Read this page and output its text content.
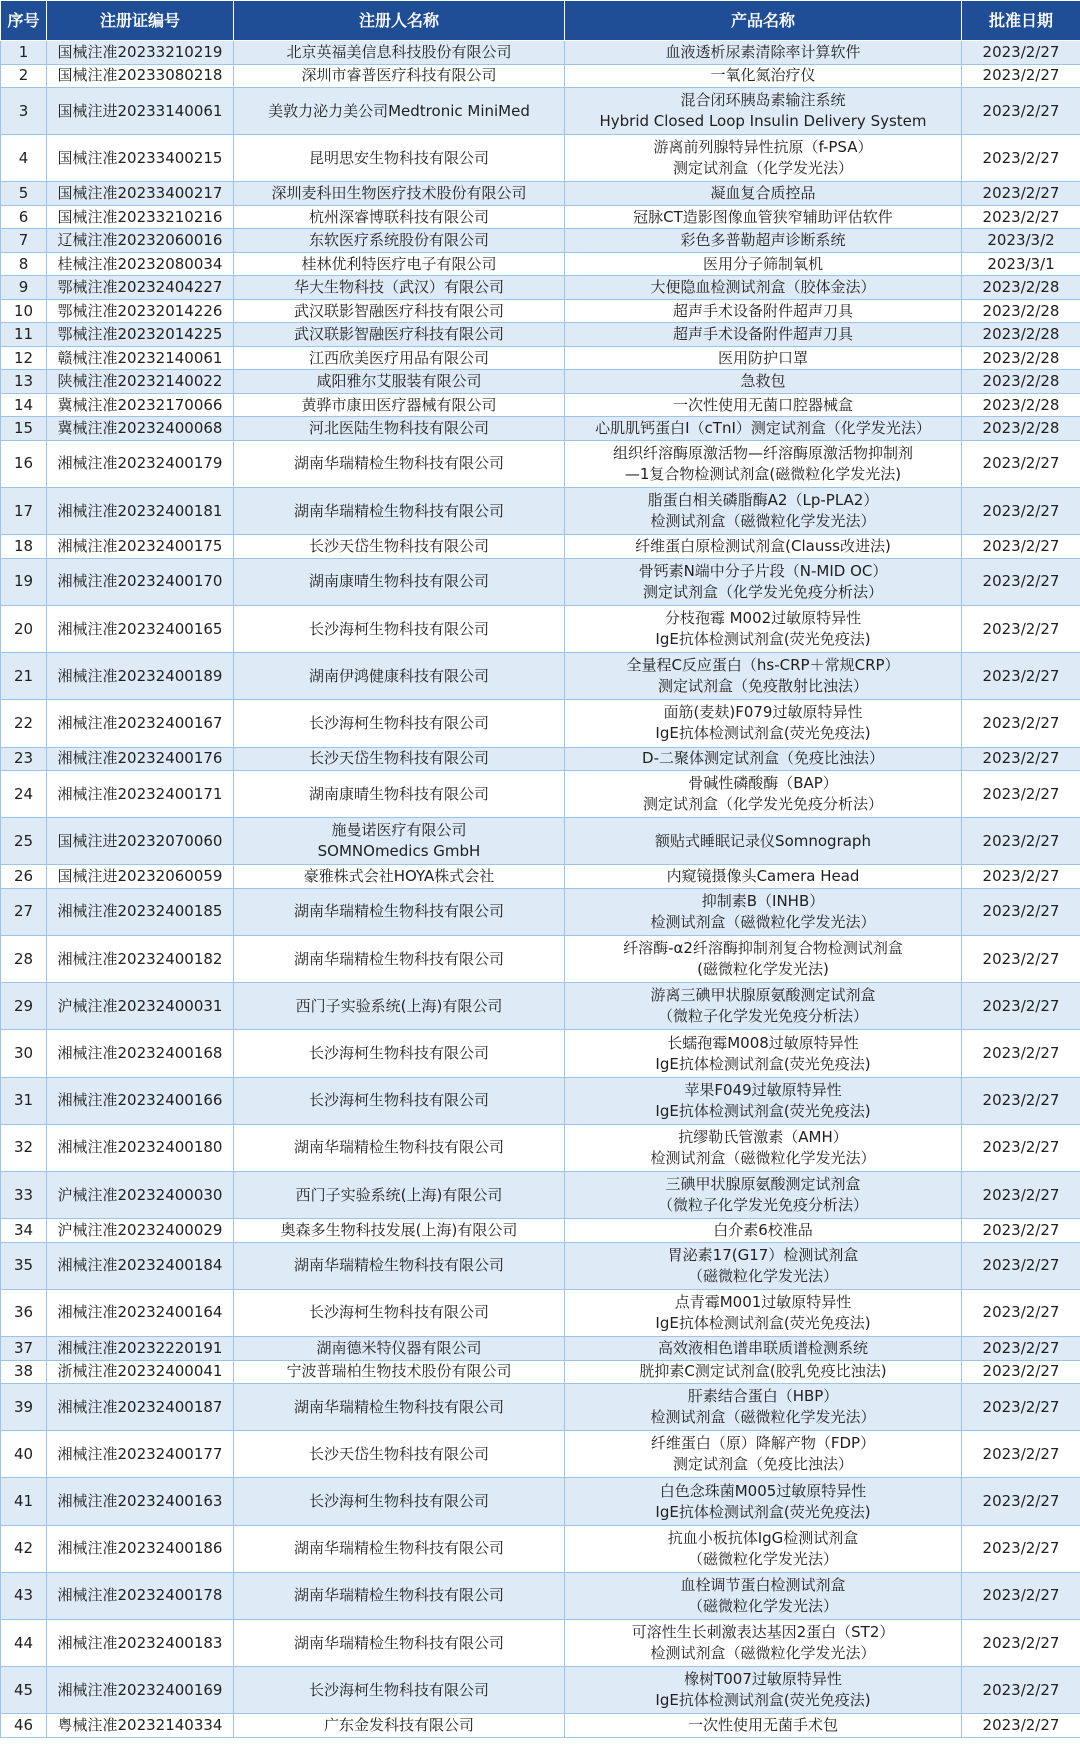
序号	注册证编号	注册人名称	产品名称	批准日期
1	国械注准20233210219	北京英福美信息科技股份有限公司	血液透析尿素清除率计算软件	2023/2/27
2	国械注准20233080218	深圳市睿普医疗科技有限公司	一氧化氮治疗仪	2023/2/27
3	国械注进20233140061	美敦力泌力美公司Medtronic MiniMed	混合闭环胰岛素输注系统
Hybrid Closed Loop Insulin Delivery System	2023/2/27
4	国械注准20233400215	昆明思安生物科技有限公司	游离前列腺特异性抗原（f-PSA）
测定试剂盒（化学发光法）	2023/2/27
5	国械注准20233400217	深圳麦科田生物医疗技术股份有限公司	凝血复合质控品	2023/2/27
6	国械注准20233210216	杭州深睿博联科技有限公司	冠脉CT造影图像血管狭窄辅助评估软件	2023/2/27
7	辽械注准20232060016	东软医疗系统股份有限公司	彩色多普勒超声诊断系统	2023/3/2
8	桂械注准20232080034	桂林优利特医疗电子有限公司	医用分子筛制氧机	2023/3/1
9	鄂械注准20232404227	华大生物科技（武汉）有限公司	大便隐血检测试剂盒（胶体金法）	2023/2/28
10	鄂械注准20232014226	武汉联影智融医疗科技有限公司	超声手术设备附件超声刀具	2023/2/28
11	鄂械注准20232014225	武汉联影智融医疗科技有限公司	超声手术设备附件超声刀具	2023/2/28
12	赣械注准20232140061	江西欣美医疗用品有限公司	医用防护口罩	2023/2/28
13	陕械注准20232140022	咸阳雅尔艾服装有限公司	急救包	2023/2/28
14	冀械注准20232170066	黄骅市康田医疗器械有限公司	一次性使用无菌口腔器械盒	2023/2/28
15	冀械注准20232400068	河北医陆生物科技有限公司	心肌肌钙蛋白I（cTnI）测定试剂盒（化学发光法）	2023/2/28
16	湘械注准20232400179	湖南华瑞精检生物科技有限公司	组织纤溶酶原激活物—纤溶酶原激活物抑制剂
—1复合物检测试剂盒(磁微粒化学发光法)	2023/2/27
17	湘械注准20232400181	湖南华瑞精检生物科技有限公司	脂蛋白相关磷脂酶A2（Lp-PLA2）
检测试剂盒（磁微粒化学发光法）	2023/2/27
18	湘械注准20232400175	长沙天岱生物科技有限公司	纤维蛋白原检测试剂盒(Clauss改进法)	2023/2/27
19	湘械注准20232400170	湖南康晴生物科技有限公司	骨钙素N端中分子片段（N-MID OC）
测定试剂盒（化学发光免疫分析法）	2023/2/27
20	湘械注准20232400165	长沙海柯生物科技有限公司	分枝孢霉 M002过敏原特异性
IgE抗体检测试剂盒(荧光免疫法)	2023/2/27
21	湘械注准20232400189	湖南伊鸿健康科技有限公司	全量程C反应蛋白（hs-CRP＋常规CRP）
测定试剂盒（免疫散射比浊法）	2023/2/27
22	湘械注准20232400167	长沙海柯生物科技有限公司	面筋(麦麸)F079过敏原特异性
IgE抗体检测试剂盒(荧光免疫法)	2023/2/27
23	湘械注准20232400176	长沙天岱生物科技有限公司	D-二聚体测定试剂盒（免疫比浊法）	2023/2/27
24	湘械注准20232400171	湖南康晴生物科技有限公司	骨碱性磷酸酶（BAP）
测定试剂盒（化学发光免疫分析法）	2023/2/27
25	国械注进20232070060	施曼诺医疗有限公司
SOMNOmedics GmbH	额贴式睡眠记录仪Somnograph	2023/2/27
26	国械注进20232060059	豪雅株式会社HOYA株式会社	内窥镜摄像头Camera Head	2023/2/27
27	湘械注准20232400185	湖南华瑞精检生物科技有限公司	抑制素B（INHB）
检测试剂盒（磁微粒化学发光法）	2023/2/27
28	湘械注准20232400182	湖南华瑞精检生物科技有限公司	纤溶酶-α2纤溶酶抑制剂复合物检测试剂盒
(磁微粒化学发光法)	2023/2/27
29	沪械注准20232400031	西门子实验系统(上海)有限公司	游离三碘甲状腺原氨酸测定试剂盒
（微粒子化学发光免疫分析法）	2023/2/27
30	湘械注准20232400168	长沙海柯生物科技有限公司	长蠕孢霉M008过敏原特异性
IgE抗体检测试剂盒(荧光免疫法)	2023/2/27
31	湘械注准20232400166	长沙海柯生物科技有限公司	苹果F049过敏原特异性
IgE抗体检测试剂盒(荧光免疫法)	2023/2/27
32	湘械注准20232400180	湖南华瑞精检生物科技有限公司	抗缪勒氏管激素（AMH）
检测试剂盒（磁微粒化学发光法）	2023/2/27
33	沪械注准20232400030	西门子实验系统(上海)有限公司	三碘甲状腺原氨酸测定试剂盒
（微粒子化学发光免疫分析法）	2023/2/27
34	沪械注准20232400029	奥森多生物科技发展(上海)有限公司	白介素6校准品	2023/2/27
35	湘械注准20232400184	湖南华瑞精检生物科技有限公司	胃泌素17(G17）检测试剂盒
（磁微粒化学发光法）	2023/2/27
36	湘械注准20232400164	长沙海柯生物科技有限公司	点青霉M001过敏原特异性
IgE抗体检测试剂盒(荧光免疫法)	2023/2/27
37	湘械注准20232220191	湖南德米特仪器有限公司	高效液相色谱串联质谱检测系统	2023/2/27
38	浙械注准20232400041	宁波普瑞柏生物技术股份有限公司	胱抑素C测定试剂盒(胶乳免疫比浊法)	2023/2/27
39	湘械注准20232400187	湖南华瑞精检生物科技有限公司	肝素结合蛋白（HBP）
检测试剂盒（磁微粒化学发光法）	2023/2/27
40	湘械注准20232400177	长沙天岱生物科技有限公司	纤维蛋白（原）降解产物（FDP）
测定试剂盒（免疫比浊法）	2023/2/27
41	湘械注准20232400163	长沙海柯生物科技有限公司	白色念珠菌M005过敏原特异性
IgE抗体检测试剂盒(荧光免疫法)	2023/2/27
42	湘械注准20232400186	湖南华瑞精检生物科技有限公司	抗血小板抗体IgG检测试剂盒
（磁微粒化学发光法）	2023/2/27
43	湘械注准20232400178	湖南华瑞精检生物科技有限公司	血栓调节蛋白检测试剂盒
（磁微粒化学发光法）	2023/2/27
44	湘械注准20232400183	湖南华瑞精检生物科技有限公司	可溶性生长刺激表达基因2蛋白（ST2）
检测试剂盒（磁微粒化学发光法）	2023/2/27
45	湘械注准20232400169	长沙海柯生物科技有限公司	橡树T007过敏原特异性
IgE抗体检测试剂盒(荧光免疫法)	2023/2/27
46	粤械注准20232140334	广东金发科技有限公司	一次性使用无菌手术包	2023/2/27
